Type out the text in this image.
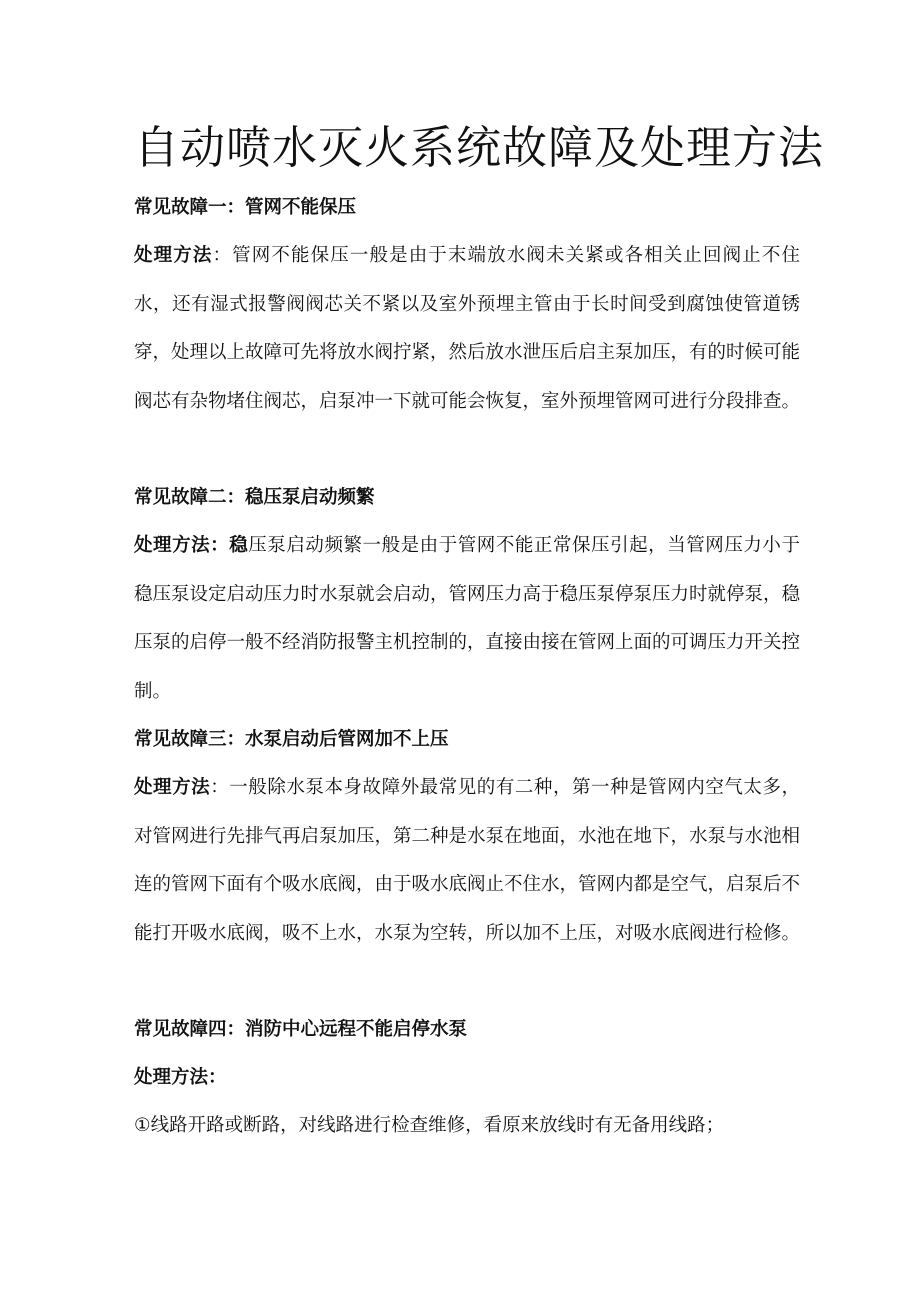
自动喷水灭火系统故障及处理方法

常见故障一：管网不能保压

处理方法：管网不能保压一般是由于末端放水阀未关紧或各相关止回阀止不住水，还有湿式报警阀阀芯关不紧以及室外预埋主管由于长时间受到腐蚀使管道锈穿，处理以上故障可先将放水阀拧紧，然后放水泄压后启主泵加压，有的时候可能阀芯有杂物堵住阀芯，启泵冲一下就可能会恢复，室外预埋管网可进行分段排查。

常见故障二：稳压泵启动频繁

处理方法：稳压泵启动频繁一般是由于管网不能正常保压引起，当管网压力小于稳压泵设定启动压力时水泵就会启动，管网压力高于稳压泵停泵压力时就停泵，稳压泵的启停一般不经消防报警主机控制的，直接由接在管网上面的可调压力开关控制。

常见故障三：水泵启动后管网加不上压

处理方法：一般除水泵本身故障外最常见的有二种，第一种是管网内空气太多，对管网进行先排气再启泵加压，第二种是水泵在地面，水池在地下，水泵与水池相连的管网下面有个吸水底阀，由于吸水底阀止不住水，管网内都是空气，启泵后不能打开吸水底阀，吸不上水，水泵为空转，所以加不上压，对吸水底阀进行检修。

常见故障四：消防中心远程不能启停水泵

处理方法：

①线路开路或断路，对线路进行检查维修，看原来放线时有无备用线路；
